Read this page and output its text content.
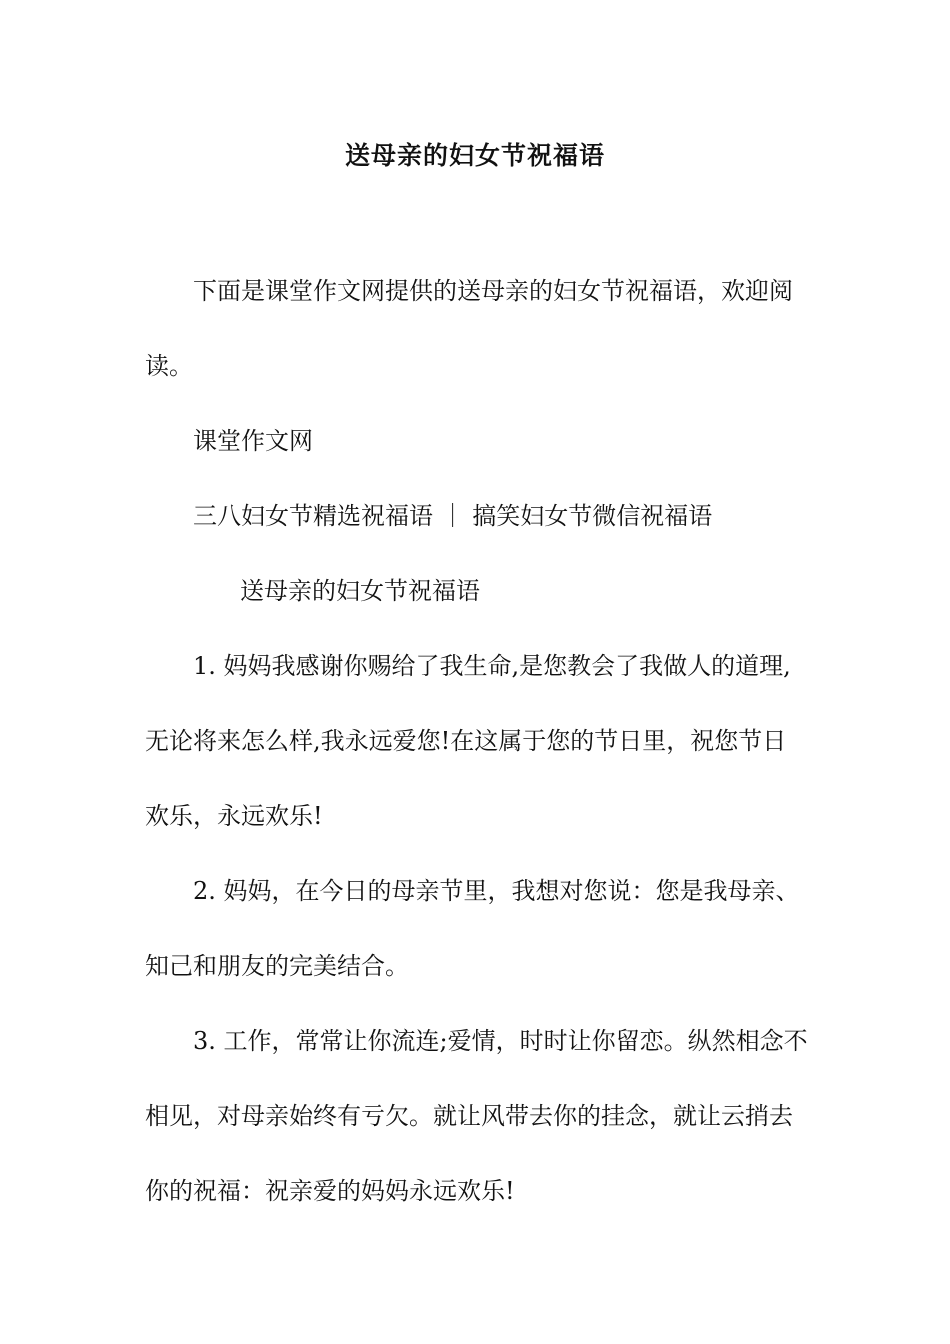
送母亲的妇女节祝福语

下面是课堂作文网提供的送母亲的妇女节祝福语，欢迎阅读。

课堂作文网

三八妇女节精选祝福语 ｜ 搞笑妇女节微信祝福语

送母亲的妇女节祝福语

1. 妈妈我感谢你赐给了我生命,是您教会了我做人的道理,无论将来怎么样,我永远爱您!在这属于您的节日里，祝您节日欢乐，永远欢乐!

2. 妈妈，在今日的母亲节里，我想对您说：您是我母亲、知己和朋友的完美结合。

3. 工作，常常让你流连;爱情，时时让你留恋。纵然相念不相见，对母亲始终有亏欠。就让风带去你的挂念，就让云捎去你的祝福：祝亲爱的妈妈永远欢乐!
